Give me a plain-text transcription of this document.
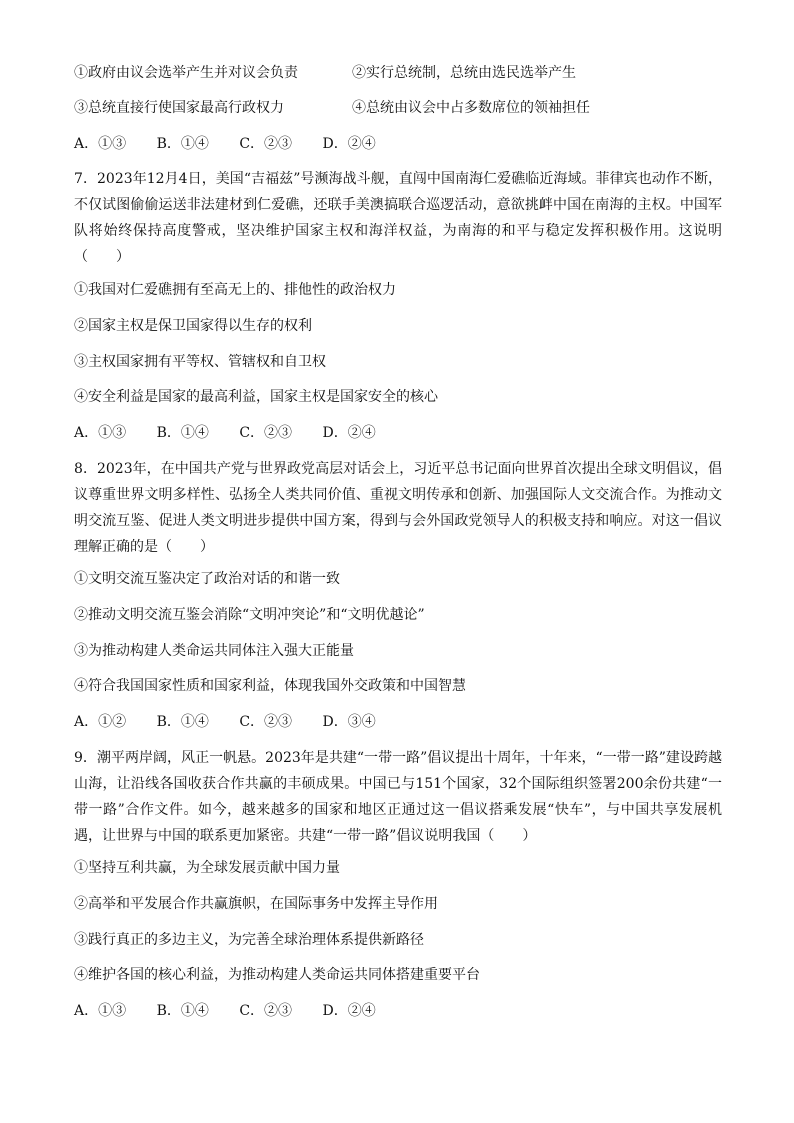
①政府由议会选举产生并对议会负责	②实行总统制，总统由选民选举产生
③总统直接行使国家最高行政权力	④总统由议会中占多数席位的领袖担任
A．①③ B．①④ C．②③ D．②④
7．2023年12月4日，美国“吉福兹”号濒海战斗舰，直闯中国南海仁爱礁临近海域。菲律宾也动作不断，不仅试图偷偷运送非法建材到仁爱礁，还联手美澳搞联合巡逻活动，意欲挑衅中国在南海的主权。中国军队将始终保持高度警戒，坚决维护国家主权和海洋权益，为南海的和平与稳定发挥积极作用。这说明（　　）
①我国对仁爱礁拥有至高无上的、排他性的政治权力
②国家主权是保卫国家得以生存的权利
③主权国家拥有平等权、管辖权和自卫权
④安全利益是国家的最高利益，国家主权是国家安全的核心
A．①③ B．①④ C．②③ D．②④
8．2023年，在中国共产党与世界政党高层对话会上，习近平总书记面向世界首次提出全球文明倡议，倡议尊重世界文明多样性、弘扬全人类共同价值、重视文明传承和创新、加强国际人文交流合作。为推动文明交流互鉴、促进人类文明进步提供中国方案，得到与会外国政党领导人的积极支持和响应。对这一倡议理解正确的是（　　）
①文明交流互鉴决定了政治对话的和谐一致
②推动文明交流互鉴会消除“文明冲突论”和“文明优越论”
③为推动构建人类命运共同体注入强大正能量
④符合我国国家性质和国家利益，体现我国外交政策和中国智慧
A．①② B．①④ C．②③ D．③④
9．潮平两岸阔，风正一帆悬。2023年是共建“一带一路”倡议提出十周年，十年来，“一带一路”建设跨越山海，让沿线各国收获合作共赢的丰硕成果。中国已与151个国家，32个国际组织签署200余份共建“一带一路”合作文件。如今，越来越多的国家和地区正通过这一倡议搭乘发展“快车”，与中国共享发展机遇，让世界与中国的联系更加紧密。共建“一带一路”倡议说明我国（　　）
①坚持互利共赢，为全球发展贡献中国力量
②高举和平发展合作共赢旗帜，在国际事务中发挥主导作用
③践行真正的多边主义，为完善全球治理体系提供新路径
④维护各国的核心利益，为推动构建人类命运共同体搭建重要平台
A．①③ B．①④ C．②③ D．②④
